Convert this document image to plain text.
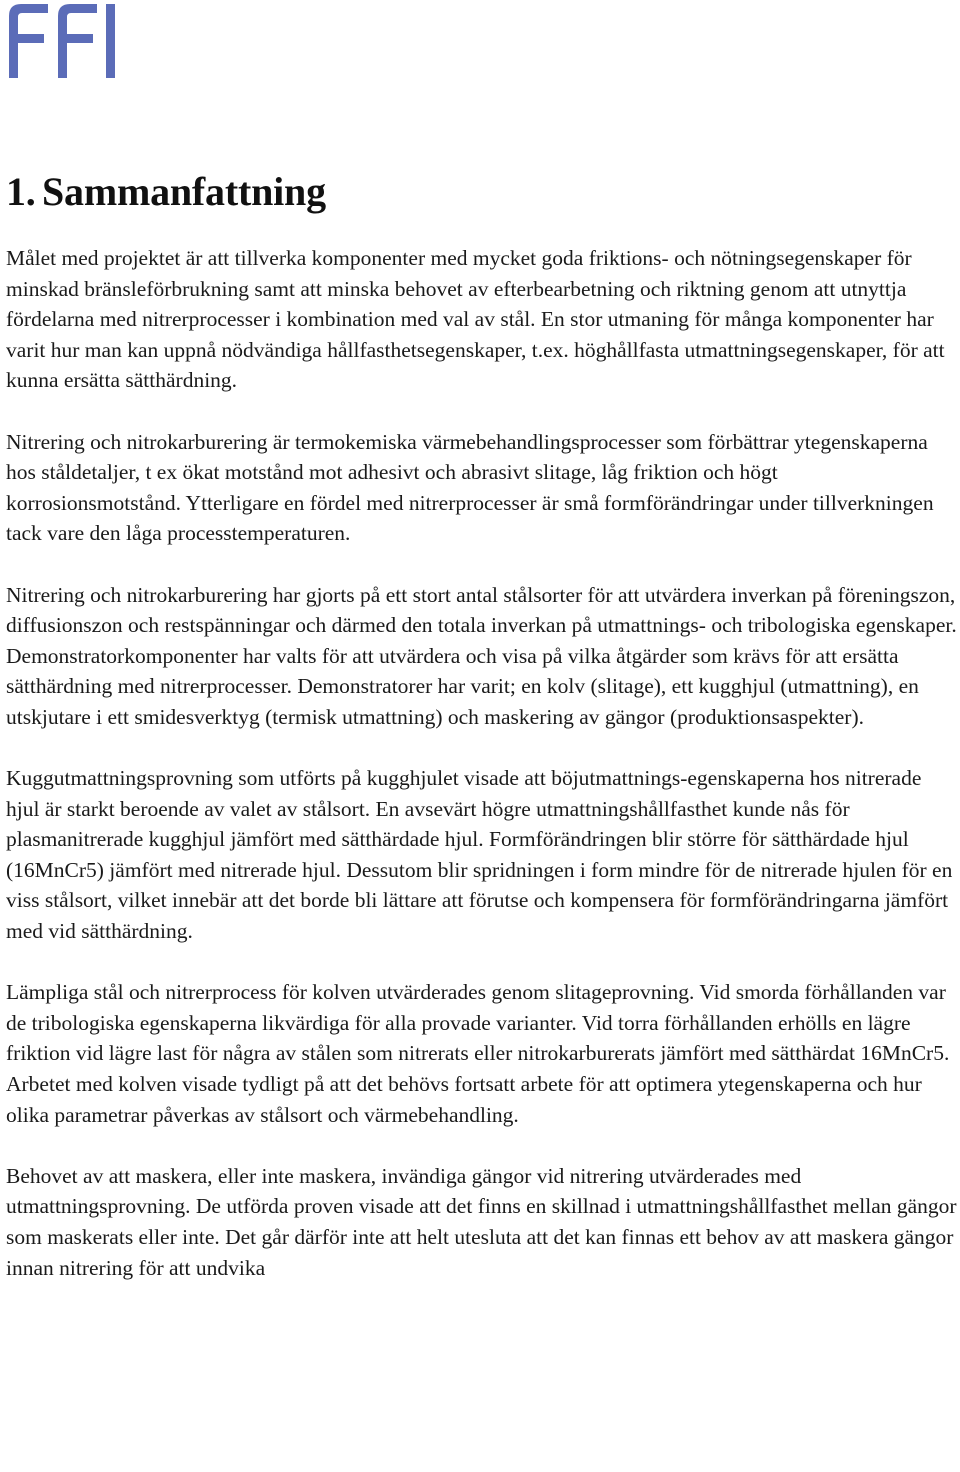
1. Sammanfattning

Målet med projektet är att tillverka komponenter med mycket goda friktions- och nötningsegenskaper för minskad bränsleförbrukning samt att minska behovet av efterbearbetning och riktning genom att utnyttja fördelarna med nitrerprocesser i kombination med val av stål. En stor utmaning för många komponenter har varit hur man kan uppnå nödvändiga hållfasthetsegenskaper, t.ex. höghållfasta utmattningsegenskaper, för att kunna ersätta sätthärdning.

Nitrering och nitrokarburering är termokemiska värmebehandlingsprocesser som förbättrar ytegenskaperna hos ståldetaljer, t ex ökat motstånd mot adhesivt och abrasivt slitage, låg friktion och högt korrosionsmotstånd. Ytterligare en fördel med nitrerprocesser är små formförändringar under tillverkningen tack vare den låga processtemperaturen.

Nitrering och nitrokarburering har gjorts på ett stort antal stålsorter för att utvärdera inverkan på föreningszon, diffusionszon och restspänningar och därmed den totala inverkan på utmattnings- och tribologiska egenskaper. Demonstratorkomponenter har valts för att utvärdera och visa på vilka åtgärder som krävs för att ersätta sätthärdning med nitrerprocesser. Demonstratorer har varit; en kolv (slitage), ett kugghjul (utmattning), en utskjutare i ett smidesverktyg (termisk utmattning) och maskering av gängor (produktionsaspekter).

Kuggutmattningsprovning som utförts på kugghjulet visade att böjutmattnings-egenskaperna hos nitrerade hjul är starkt beroende av valet av stålsort. En avsevärt högre utmattningshållfasthet kunde nås för plasmanitrerade kugghjul jämfört med sätthärdade hjul. Formförändringen blir större för sätthärdade hjul (16MnCr5) jämfört med nitrerade hjul. Dessutom blir spridningen i form mindre för de nitrerade hjulen för en viss stålsort, vilket innebär att det borde bli lättare att förutse och kompensera för formförändringarna jämfört med vid sätthärdning.

Lämpliga stål och nitrerprocess för kolven utvärderades genom slitageprovning. Vid smorda förhållanden var de tribologiska egenskaperna likvärdiga för alla provade varianter. Vid torra förhållanden erhölls en lägre friktion vid lägre last för några av stålen som nitrerats eller nitrokarburerats jämfört med sätthärdat 16MnCr5. Arbetet med kolven visade tydligt på att det behövs fortsatt arbete för att optimera ytegenskaperna och hur olika parametrar påverkas av stålsort och värmebehandling.

Behovet av att maskera, eller inte maskera, invändiga gängor vid nitrering utvärderades med utmattningsprovning. De utförda proven visade att det finns en skillnad i utmattningshållfasthet mellan gängor som maskerats eller inte. Det går därför inte att helt utesluta att det kan finnas ett behov av att maskera gängor innan nitrering för att undvika
